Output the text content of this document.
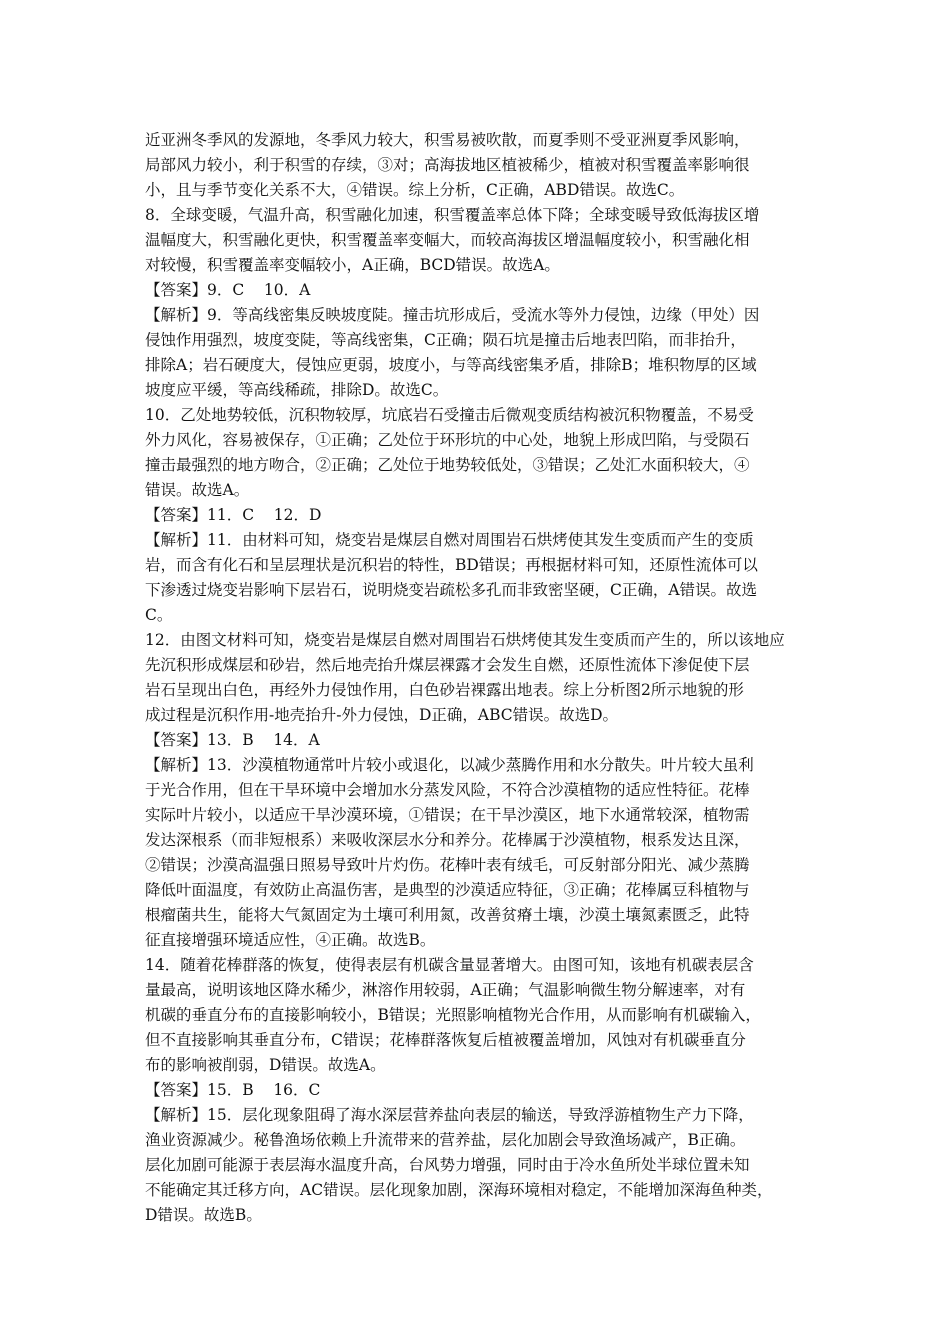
近亚洲冬季风的发源地，冬季风力较大，积雪易被吹散，而夏季则不受亚洲夏季风影响，
局部风力较小，利于积雪的存续，③对；高海拔地区植被稀少，植被对积雪覆盖率影响很
小，且与季节变化关系不大，④错误。综上分析，C正确，ABD错误。故选C。
8．全球变暖，气温升高，积雪融化加速，积雪覆盖率总体下降；全球变暖导致低海拔区增
温幅度大，积雪融化更快，积雪覆盖率变幅大，而较高海拔区增温幅度较小，积雪融化相
对较慢，积雪覆盖率变幅较小，A正确，BCD错误。故选A。
【答案】9．C    10．A
【解析】9．等高线密集反映坡度陡。撞击坑形成后，受流水等外力侵蚀，边缘（甲处）因
侵蚀作用强烈，坡度变陡，等高线密集，C正确；陨石坑是撞击后地表凹陷，而非抬升，
排除A；岩石硬度大，侵蚀应更弱，坡度小，与等高线密集矛盾，排除B；堆积物厚的区域
坡度应平缓，等高线稀疏，排除D。故选C。
10．乙处地势较低，沉积物较厚，坑底岩石受撞击后微观变质结构被沉积物覆盖，不易受
外力风化，容易被保存，①正确；乙处位于环形坑的中心处，地貌上形成凹陷，与受陨石
撞击最强烈的地方吻合，②正确；乙处位于地势较低处，③错误；乙处汇水面积较大，④
错误。故选A。
【答案】11．C    12．D
【解析】11．由材料可知，烧变岩是煤层自燃对周围岩石烘烤使其发生变质而产生的变质
岩，而含有化石和呈层理状是沉积岩的特性，BD错误；再根据材料可知，还原性流体可以
下渗透过烧变岩影响下层岩石，说明烧变岩疏松多孔而非致密坚硬，C正确，A错误。故选
C。
12．由图文材料可知，烧变岩是煤层自燃对周围岩石烘烤使其发生变质而产生的，所以该地应
先沉积形成煤层和砂岩，然后地壳抬升煤层裸露才会发生自燃，还原性流体下渗促使下层
岩石呈现出白色，再经外力侵蚀作用，白色砂岩裸露出地表。综上分析图2所示地貌的形
成过程是沉积作用-地壳抬升-外力侵蚀，D正确，ABC错误。故选D。
【答案】13．B    14．A
【解析】13．沙漠植物通常叶片较小或退化，以减少蒸腾作用和水分散失。叶片较大虽利
于光合作用，但在干旱环境中会增加水分蒸发风险，不符合沙漠植物的适应性特征。花棒
实际叶片较小，以适应干旱沙漠环境，①错误；在干旱沙漠区，地下水通常较深，植物需
发达深根系（而非短根系）来吸收深层水分和养分。花棒属于沙漠植物，根系发达且深，
②错误；沙漠高温强日照易导致叶片灼伤。花棒叶表有绒毛，可反射部分阳光、减少蒸腾
降低叶面温度，有效防止高温伤害，是典型的沙漠适应特征，③正确；花棒属豆科植物与
根瘤菌共生，能将大气氮固定为土壤可利用氮，改善贫瘠土壤，沙漠土壤氮素匮乏，此特
征直接增强环境适应性，④正确。故选B。
14．随着花棒群落的恢复，使得表层有机碳含量显著增大。由图可知，该地有机碳表层含
量最高，说明该地区降水稀少，淋溶作用较弱，A正确；气温影响微生物分解速率，对有
机碳的垂直分布的直接影响较小，B错误；光照影响植物光合作用，从而影响有机碳输入，
但不直接影响其垂直分布，C错误；花棒群落恢复后植被覆盖增加，风蚀对有机碳垂直分
布的影响被削弱，D错误。故选A。
【答案】15．B    16．C
【解析】15．层化现象阻碍了海水深层营养盐向表层的输送，导致浮游植物生产力下降，
渔业资源减少。秘鲁渔场依赖上升流带来的营养盐，层化加剧会导致渔场减产，B正确。
层化加剧可能源于表层海水温度升高，台风势力增强，同时由于冷水鱼所处半球位置未知
不能确定其迁移方向，AC错误。层化现象加剧，深海环境相对稳定，不能增加深海鱼种类，
D错误。故选B。
